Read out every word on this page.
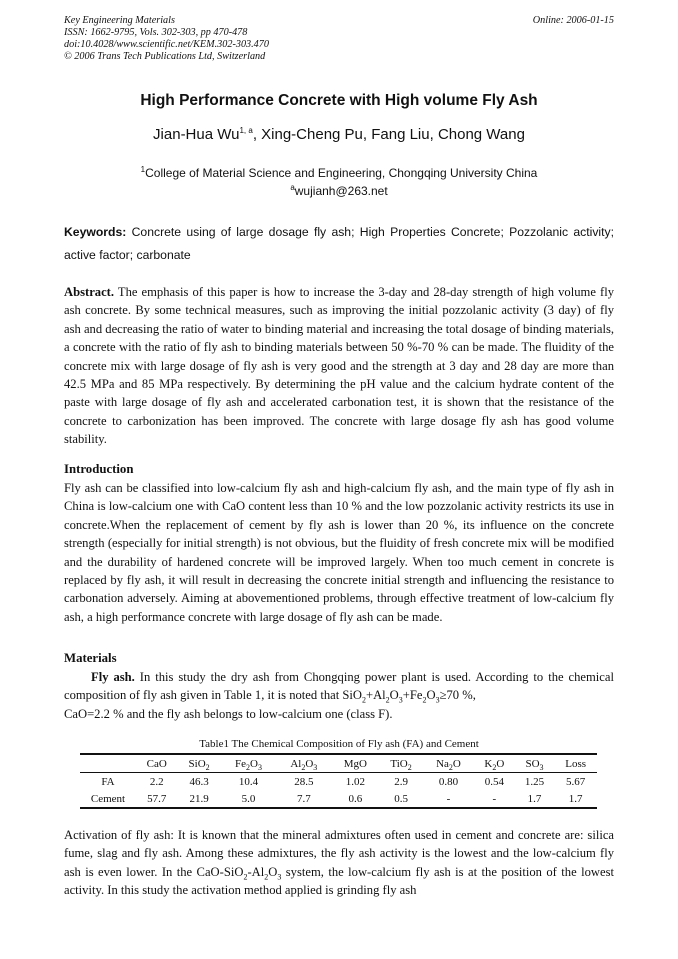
Key Engineering Materials
ISSN: 1662-9795, Vols. 302-303, pp 470-478
doi:10.4028/www.scientific.net/KEM.302-303.470
© 2006 Trans Tech Publications Ltd, Switzerland
Online: 2006-01-15
High Performance Concrete with High volume Fly Ash
Jian-Hua Wu$^{1, a}$, Xing-Cheng Pu, Fang Liu, Chong Wang
$^1$College of Material Science and Engineering, Chongqing University China
$^a$wujianh@263.net
Keywords: Concrete using of large dosage fly ash; High Properties Concrete; Pozzolanic activity; active factor; carbonate
Abstract. The emphasis of this paper is how to increase the 3-day and 28-day strength of high volume fly ash concrete. By some technical measures, such as improving the initial pozzolanic activity (3 day) of fly ash and decreasing the ratio of water to binding material and increasing the total dosage of binding materials, a concrete with the ratio of fly ash to binding materials between 50 %-70 % can be made. The fluidity of the concrete mix with large dosage of fly ash is very good and the strength at 3 day and 28 day are more than 42.5 MPa and 85 MPa respectively. By determining the pH value and the calcium hydrate content of the paste with large dosage of fly ash and accelerated carbonation test, it is shown that the resistance of the concrete to carbonization has been improved. The concrete with large dosage fly ash has good volume stability.
Introduction
Fly ash can be classified into low-calcium fly ash and high-calcium fly ash, and the main type of fly ash in China is low-calcium one with CaO content less than 10 % and the low pozzolanic activity restricts its use in concrete.When the replacement of cement by fly ash is lower than 20 %, its influence on the concrete strength (especially for initial strength) is not obvious, but the fluidity of fresh concrete mix will be modified and the durability of hardened concrete will be improved largely. When too much cement in concrete is replaced by fly ash, it will result in decreasing the concrete initial strength and influencing the resistance to carbonation adversely. Aiming at abovementioned problems, through effective treatment of low-calcium fly ash, a high performance concrete with large dosage of fly ash can be made.
Materials
Fly ash. In this study the dry ash from Chongqing power plant is used. According to the chemical composition of fly ash given in Table 1, it is noted that $SiO_2+Al_2O_3+Fe_2O_3\ge 70$ %,
CaO=2.2 % and the fly ash belongs to low-calcium one (class F).
Table1 The Chemical Composition of Fly ash (FA) and Cement
	CaO	SiO$_2$	$Fe_2O_3$	$Al_2O_3$	MgO	TiO$_2$	$Na_2O$	$K_2O$	$SO_3$	Loss
FA	2.2	46.3	10.4	28.5	1.02	2.9	0.80	0.54	1.25	5.67
Cement	57.7	21.9	5.0	7.7	0.6	0.5	-	-	1.7	1.7
Activation of fly ash: It is known that the mineral admixtures often used in cement and concrete are: silica fume, slag and fly ash. Among these admixtures, the fly ash activity is the lowest and the low-calcium fly ash is even lower. In the CaO-$SiO_2-Al_2O_3$ system, the low-calcium fly ash is at the position of the lowest activity. In this study the activation method applied is grinding fly ash
